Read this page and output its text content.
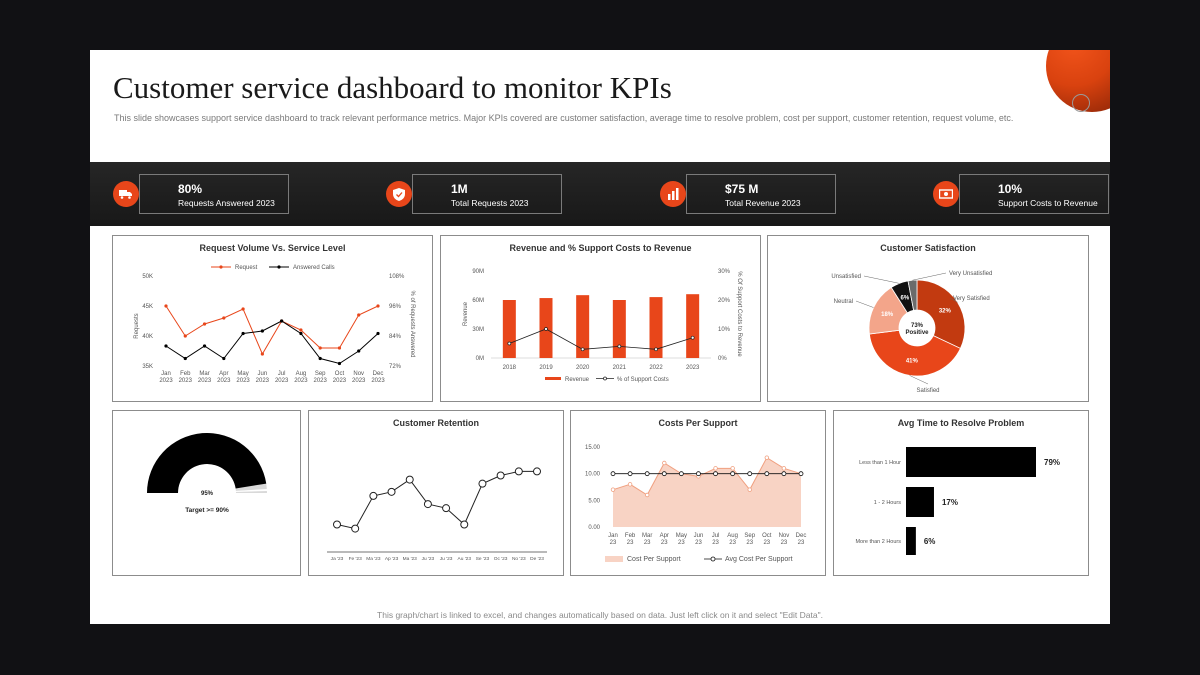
Customer service dashboard to monitor KPIs
This slide showcases support service dashboard to track relevant performance metrics. Major KPIs covered are customer satisfaction, average time to resolve problem, cost per support, customer retention, request volume, etc.
80%
Requests Answered 2023
1M
Total Requests 2023
$75 M
Total Revenue 2023
10%
Support Costs to Revenue
Request Volume Vs. Service Level
50K
45K
40K
35K
108%
96%
84%
72%
Requests	% of Requests Answered
Jan
2023
Feb
2023
Mar
2023
Apr
2023
May
2023
Jun
2023
Jul
2023
Aug
2023
Sep
2023
Oct
2023
Nov
2023
Dec
2023
Request	Answered Calls
Revenue and % Support Costs to Revenue
90M
60M
30M
0M
30%
20%
10%
0%
Revenue	% Of Support Costs to Revenue
2018	2019	2020	2021	2022	2023
Revenue	% of Support Costs
Customer Satisfaction
32%
Very Satisfied
41%
Satisfied
18%
Neutral
6%
Unsatisfied	Very Unsatisfied
73%
Positive
95%
Target >= 90%
Customer Retention
Ja '23 Fe '23 Ma '23 Ap '23 Ma '23 Ju '23 Ju '23 Au '23 Se '23 Oc '23 No '23 De '23
Costs Per Support
15.00
10.00
5.00
0.00
Jan
23
Feb
23
Mar
23
Apr
23
May
23
Jun
23
Jul
23
Aug
23
Sep
23
Oct
23
Nov
23
Dec
23
Cost Per Support	Avg Cost Per Support
Avg Time to Resolve Problem
Less than 1 Hour	79%
1 - 2 Hours	17%
More than 2 Hours	6%
This graph/chart is linked to excel, and changes automatically based on data. Just left click on it and select "Edit Data".
